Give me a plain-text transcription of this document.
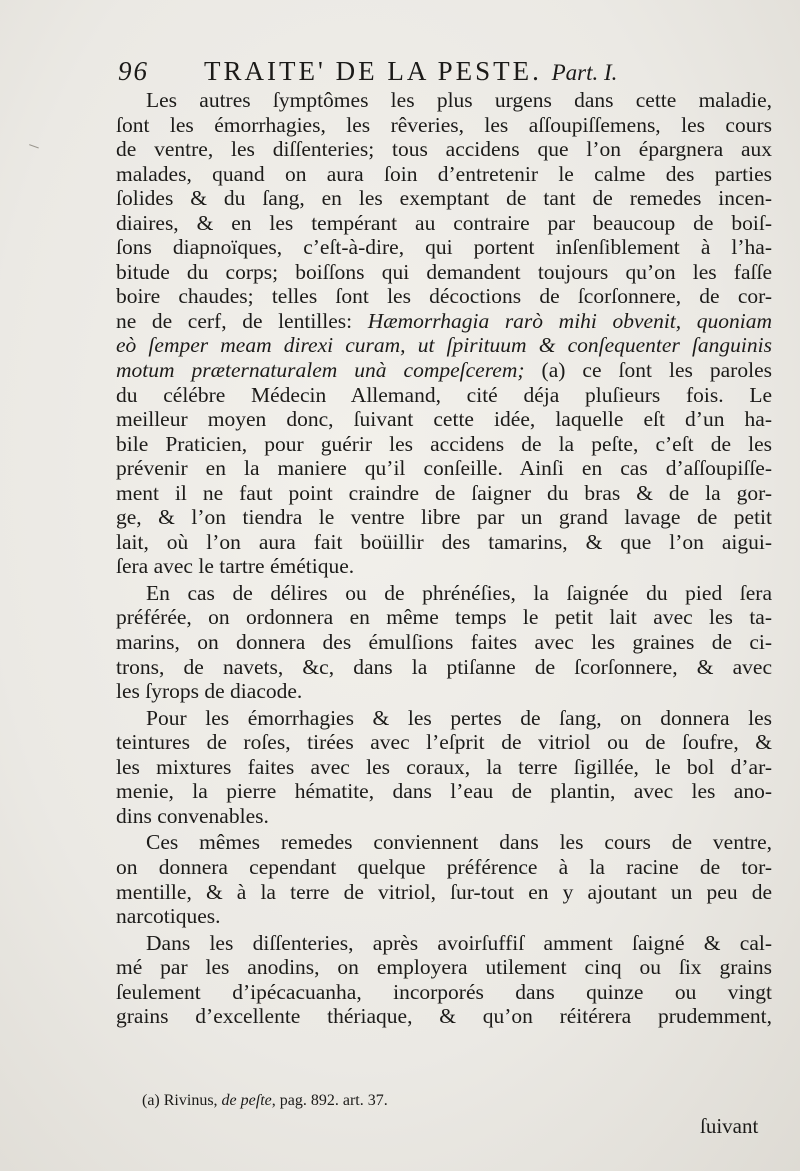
96 TRAITE' DE LA PESTE. Part. I.
Les autres ſymptômes les plus urgens dans cette maladie,
ſont les émorrhagies, les rêveries, les aſſoupiſſemens, les cours
de ventre, les diſſenteries; tous accidens que l’on épargnera aux
malades, quand on aura ſoin d’entretenir le calme des parties
ſolides & du ſang, en les exemptant de tant de remedes incen-
diaires, & en les tempérant au contraire par beaucoup de boiſ-
ſons diapnoïques, c’eſt-à-dire, qui portent inſenſiblement à l’ha-
bitude du corps; boiſſons qui demandent toujours qu’on les faſſe
boire chaudes; telles ſont les décoctions de ſcorſonnere, de cor-
ne de cerf, de lentilles: Hæmorrhagia rarò mihi obvenit, quoniam
eò ſemper meam direxi curam, ut ſpirituum & conſequenter ſanguinis
motum præternaturalem unà compeſcerem; (a) ce ſont les paroles
du célébre Médecin Allemand, cité déja pluſieurs fois. Le
meilleur moyen donc, ſuivant cette idée, laquelle eſt d’un ha-
bile Praticien, pour guérir les accidens de la peſte, c’eſt de les
prévenir en la maniere qu’il conſeille. Ainſi en cas d’aſſoupiſſe-
ment il ne faut point craindre de ſaigner du bras & de la gor-
ge, & l’on tiendra le ventre libre par un grand lavage de petit
lait, où l’on aura fait boüillir des tamarins, & que l’on aigui-
ſera avec le tartre émétique.
En cas de délires ou de phrénéſies, la ſaignée du pied ſera
préférée, on ordonnera en même temps le petit lait avec les ta-
marins, on donnera des émulſions faites avec les graines de ci-
trons, de navets, &c, dans la ptiſanne de ſcorſonnere, & avec
les ſyrops de diacode.
Pour les émorrhagies & les pertes de ſang, on donnera les
teintures de roſes, tirées avec l’eſprit de vitriol ou de ſoufre, &
les mixtures faites avec les coraux, la terre ſigillée, le bol d’ar-
menie, la pierre hématite, dans l’eau de plantin, avec les ano-
dins convenables.
Ces mêmes remedes conviennent dans les cours de ventre,
on donnera cependant quelque préférence à la racine de tor-
mentille, & à la terre de vitriol, ſur-tout en y ajoutant un peu de
narcotiques.
Dans les diſſenteries, après avoirſuffiſ amment ſaigné & cal-
mé par les anodins, on employera utilement cinq ou ſix grains
ſeulement d’ipécacuanha, incorporés dans quinze ou vingt
grains d’excellente thériaque, & qu’on réitérera prudemment,
(a) Rivinus, de peſte, pag. 892. art. 37.
ſuivant
